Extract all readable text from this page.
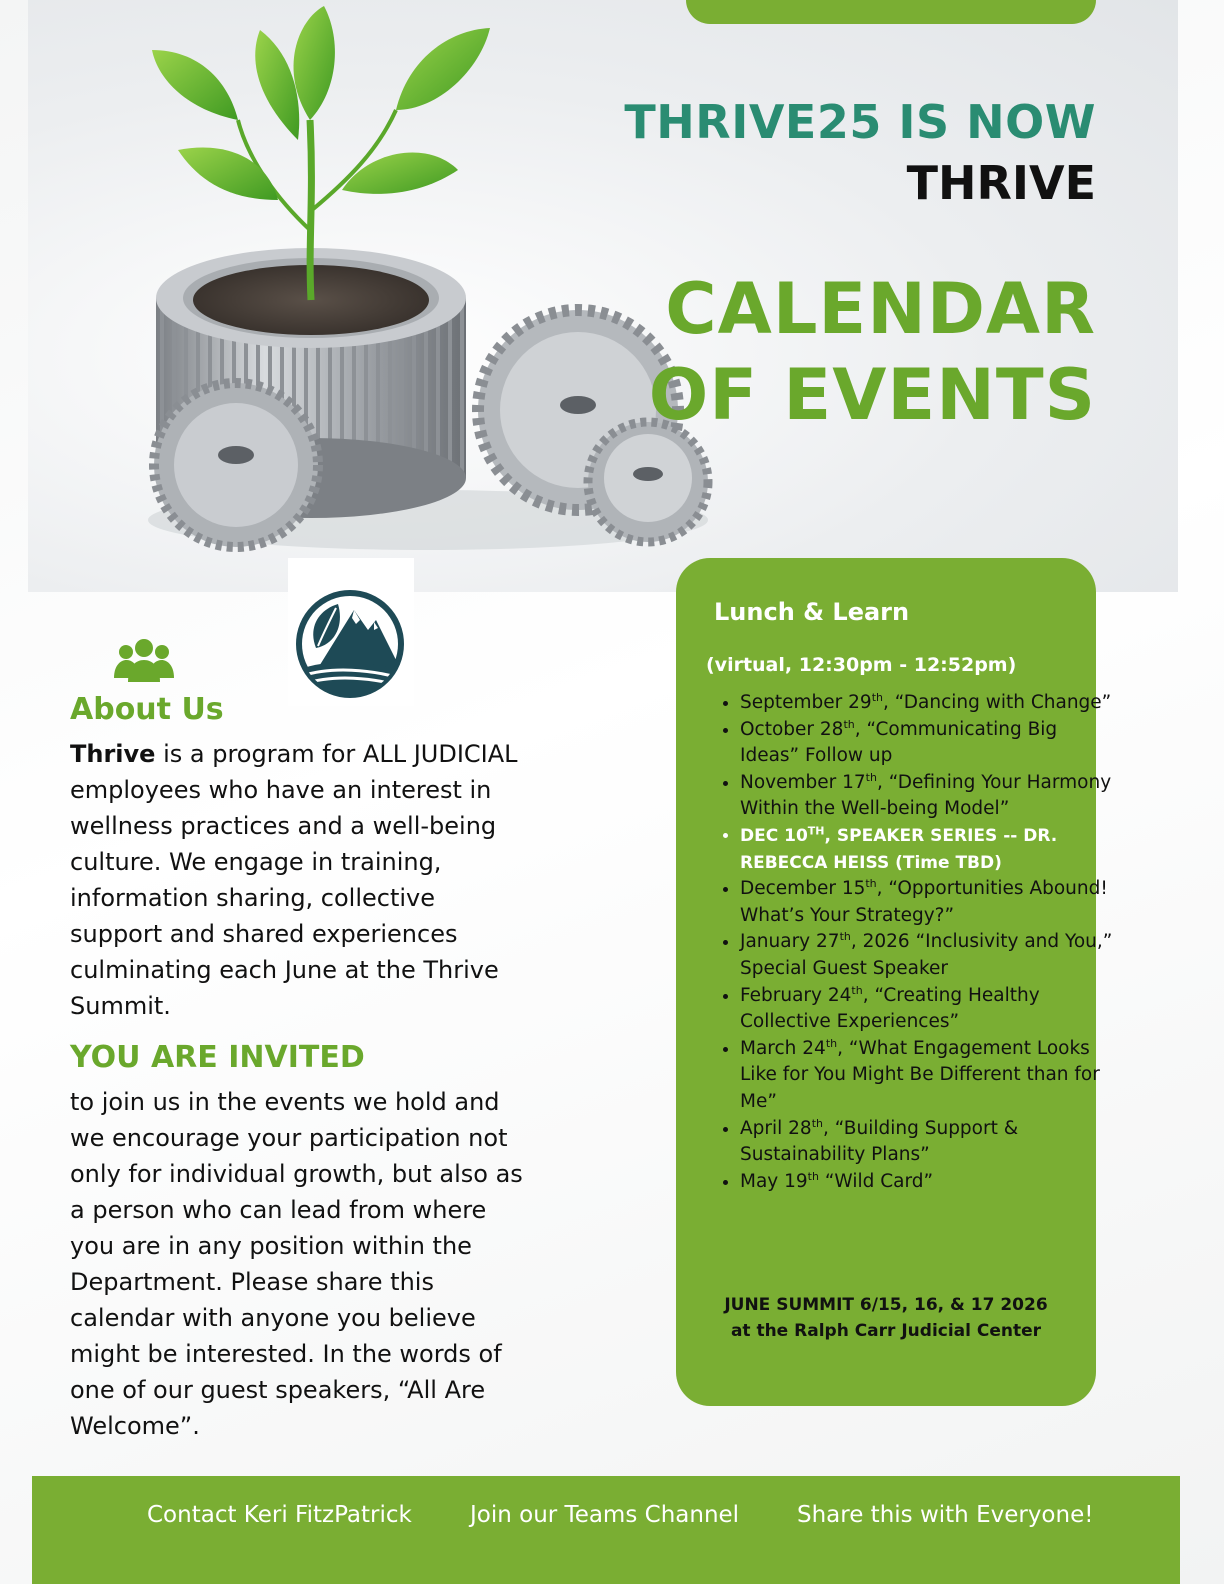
THRIVE25 IS NOW
THRIVE
CALENDAR
OF EVENTS
About Us
Thrive is a program for ALL JUDICIAL employees who have an interest in wellness practices and a well-being culture. We engage in training, information sharing, collective support and shared experiences culminating each June at the Thrive Summit.
YOU ARE INVITED
to join us in the events we hold and we encourage your participation not only for individual growth, but also as a person who can lead from where you are in any position within the Department. Please share this calendar with anyone you believe might be interested. In the words of one of our guest speakers, “All Are Welcome”.
Lunch & Learn
(virtual, 12:30pm - 12:52pm)
• September 29th, “Dancing with Change”
• October 28th, “Communicating Big Ideas” Follow up
• November 17th, “Defining Your Harmony Within the Well-being Model”
• DEC 10TH, SPEAKER SERIES -- DR. REBECCA HEISS (Time TBD)
• December 15th, “Opportunities Abound! What’s Your Strategy?”
• January 27th, 2026 “Inclusivity and You,” Special Guest Speaker
• February 24th, “Creating Healthy Collective Experiences”
• March 24th, “What Engagement Looks Like for You Might Be Different than for Me”
• April 28th, “Building Support & Sustainability Plans”
• May 19th “Wild Card”
JUNE SUMMIT 6/15, 16, & 17 2026
at the Ralph Carr Judicial Center
Contact Keri FitzPatrick	Join our Teams Channel	Share this with Everyone!
